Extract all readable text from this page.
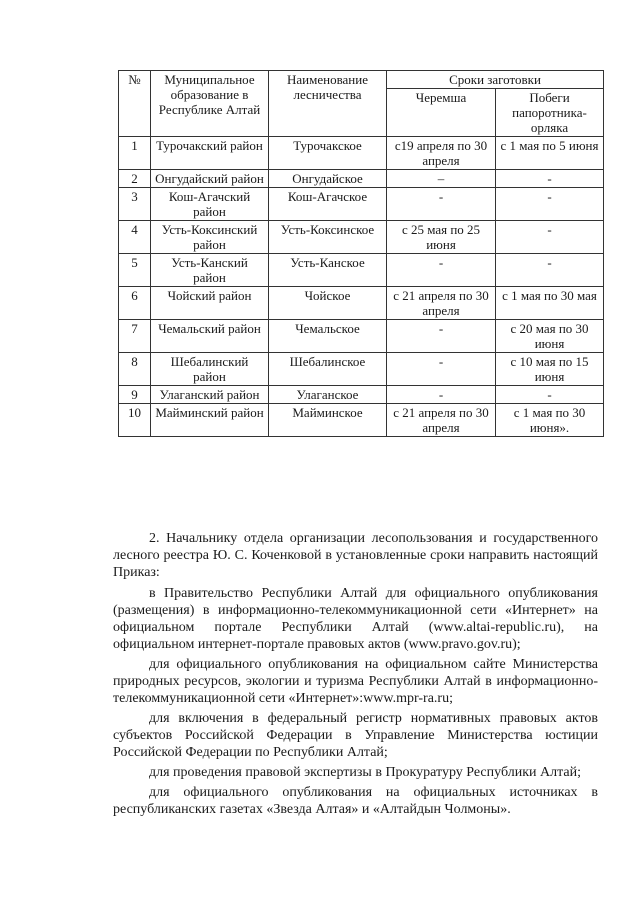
№	Муниципальное образование в Республике Алтай	Наименование лесничества	Сроки заготовки	
			Черемша	Побеги папоротника-орляка
1	Турочакский район	Турочакское	с19 апреля по 30 апреля	с 1 мая по 5 июня
2	Онгудайский район	Онгудайское	–	-
3	Кош-Агачский район	Кош-Агачское	-	-
4	Усть-Коксинский район	Усть-Коксинское	с 25 мая по 25 июня	-
5	Усть-Канский район	Усть-Канское	-	-
6	Чойский район	Чойское	с 21 апреля по 30 апреля	с 1 мая по 30 мая
7	Чемальский район	Чемальское	-	с 20 мая по 30 июня
8	Шебалинский район	Шебалинское	-	с 10 мая по 15 июня
9	Улаганский район	Улаганское	-	-
10	Майминский район	Майминское	с 21 апреля по 30 апреля	с 1 мая по 30 июня».

2. Начальнику отдела организации лесопользования и государственного лесного реестра Ю. С. Коченковой в установленные сроки направить настоящий Приказ:

в Правительство Республики Алтай для официального опубликования (размещения) в информационно-телекоммуникационной сети «Интернет» на официальном портале Республики Алтай (www.altai-republic.ru), на официальном интернет-портале правовых актов (www.pravo.gov.ru);

для официального опубликования на официальном сайте Министерства природных ресурсов, экологии и туризма Республики Алтай в информационно-телекоммуникационной сети «Интернет»:www.mpr-ra.ru;

для включения в федеральный регистр нормативных правовых актов субъектов Российской Федерации в Управление Министерства юстиции Российской Федерации по Республики Алтай;

для проведения правовой экспертизы в Прокуратуру Республики Алтай;

для официального опубликования на официальных источниках в республиканских газетах «Звезда Алтая» и «Алтайдын Чолмоны».
